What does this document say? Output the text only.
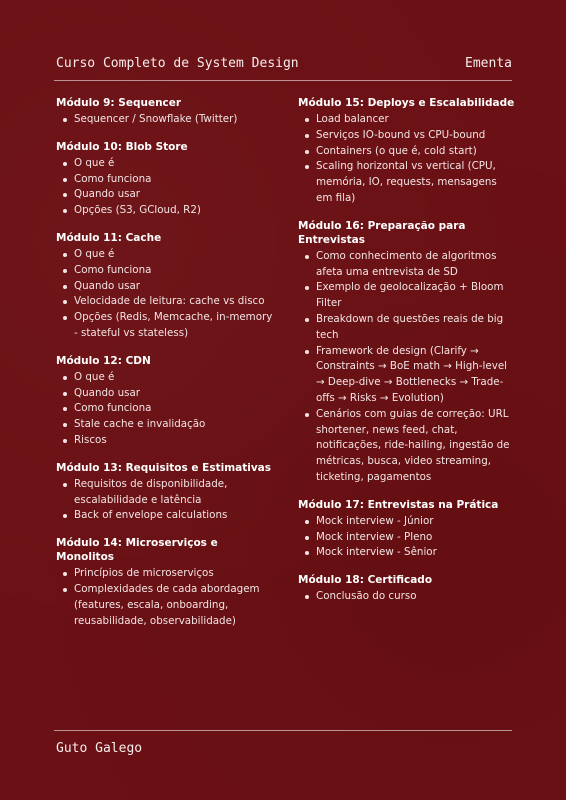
Curso Completo de System Design	Ementa
Módulo 9: Sequencer
Sequencer / Snowflake (Twitter)
Módulo 10: Blob Store
O que é
Como funciona
Quando usar
Opções (S3, GCloud, R2)
Módulo 11: Cache
O que é
Como funciona
Quando usar
Velocidade de leitura: cache vs disco
Opções (Redis, Memcache, in-memory - stateful vs stateless)
Módulo 12: CDN
O que é
Quando usar
Como funciona
Stale cache e invalidação
Riscos
Módulo 13: Requisitos e Estimativas
Requisitos de disponibilidade, escalabilidade e latência
Back of envelope calculations
Módulo 14: Microserviços e Monolitos
Princípios de microserviços
Complexidades de cada abordagem (features, escala, onboarding, reusabilidade, observabilidade)
Módulo 15: Deploys e Escalabilidade
Load balancer
Serviços IO-bound vs CPU-bound
Containers (o que é, cold start)
Scaling horizontal vs vertical (CPU, memória, IO, requests, mensagens em fila)
Módulo 16: Preparação para Entrevistas
Como conhecimento de algoritmos afeta uma entrevista de SD
Exemplo de geolocalização + Bloom Filter
Breakdown de questões reais de big tech
Framework de design (Clarify → Constraints → BoE math → High-level → Deep-dive → Bottlenecks → Trade-offs → Risks → Evolution)
Cenários com guias de correção: URL shortener, news feed, chat, notificações, ride-hailing, ingestão de métricas, busca, video streaming, ticketing, pagamentos
Módulo 17: Entrevistas na Prática
Mock interview - Júnior
Mock interview - Pleno
Mock interview - Sênior
Módulo 18: Certificado
Conclusão do curso
Guto Galego
